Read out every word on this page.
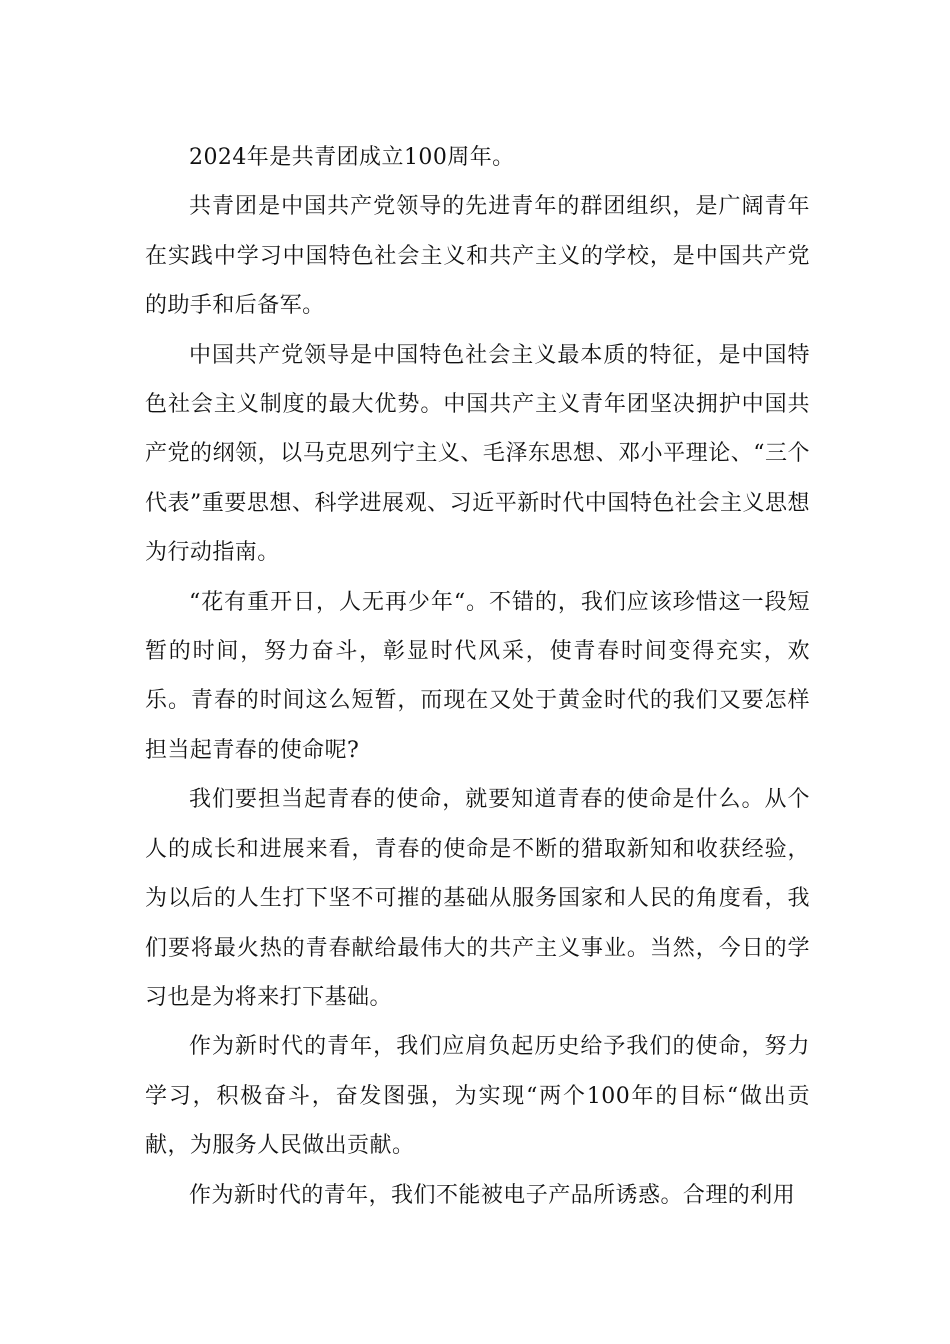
2024年是共青团成立100周年。

共青团是中国共产党领导的先进青年的群团组织，是广阔青年在实践中学习中国特色社会主义和共产主义的学校，是中国共产党的助手和后备军。

中国共产党领导是中国特色社会主义最本质的特征，是中国特色社会主义制度的最大优势。中国共产主义青年团坚决拥护中国共产党的纲领，以马克思列宁主义、毛泽东思想、邓小平理论、“三个代表”重要思想、科学进展观、习近平新时代中国特色社会主义思想为行动指南。

“花有重开日，人无再少年“。不错的，我们应该珍惜这一段短暂的时间，努力奋斗，彰显时代风采，使青春时间变得充实，欢乐。青春的时间这么短暂，而现在又处于黄金时代的我们又要怎样担当起青春的使命呢?

我们要担当起青春的使命，就要知道青春的使命是什么。从个人的成长和进展来看，青春的使命是不断的猎取新知和收获经验，为以后的人生打下坚不可摧的基础从服务国家和人民的角度看，我们要将最火热的青春献给最伟大的共产主义事业。当然，今日的学习也是为将来打下基础。

作为新时代的青年，我们应肩负起历史给予我们的使命，努力学习，积极奋斗，奋发图强，为实现“两个100年的目标“做出贡献，为服务人民做出贡献。

作为新时代的青年，我们不能被电子产品所诱惑。合理的利用
